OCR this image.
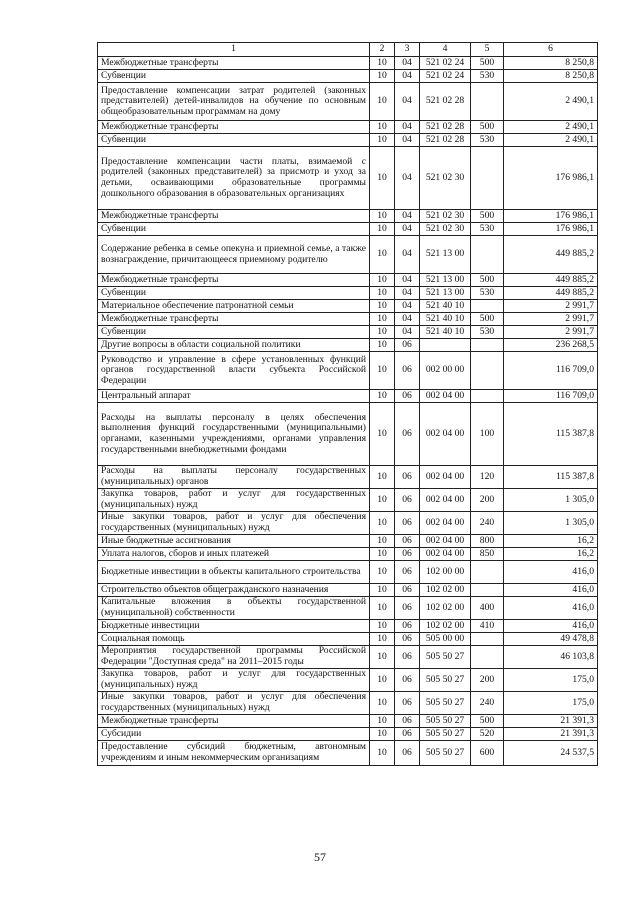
1	2	3	4	5	6
Межбюджетные трансферты	10	04	521 02 24	500	8 250,8
Субвенции	10	04	521 02 24	530	8 250,8
Предоставление компенсации затрат родителей (законных представителей) детей-инвалидов на обучение по основным общеобразовательным программам на дому	10	04	521 02 28		2 490,1
Межбюджетные трансферты	10	04	521 02 28	500	2 490,1
Субвенции	10	04	521 02 28	530	2 490,1
Предоставление компенсации части платы, взимаемой с родителей (законных представителей) за присмотр и уход за детьми, осваивающими образовательные программы дошкольного образования в образовательных организациях	10	04	521 02 30		176 986,1
Межбюджетные трансферты	10	04	521 02 30	500	176 986,1
Субвенции	10	04	521 02 30	530	176 986,1
Содержание ребенка в семье опекуна и приемной семье, а также вознаграждение, причитающееся приемному родителю	10	04	521 13 00		449 885,2
Межбюджетные трансферты	10	04	521 13 00	500	449 885,2
Субвенции	10	04	521 13 00	530	449 885,2
Материальное обеспечение патронатной семьи	10	04	521 40 10		2 991,7
Межбюджетные трансферты	10	04	521 40 10	500	2 991,7
Субвенции	10	04	521 40 10	530	2 991,7
Другие вопросы в области социальной политики	10	06			236 268,5
Руководство и управление в сфере установленных функций органов государственной власти субъекта Российской Федерации	10	06	002 00 00		116 709,0
Центральный аппарат	10	06	002 04 00		116 709,0
Расходы на выплаты персоналу в целях обеспечения выполнения функций государственными (муниципальными) органами, казенными учреждениями, органами управления государственными внебюджетными фондами	10	06	002 04 00	100	115 387,8
Расходы на выплаты персоналу государственных (муниципальных) органов	10	06	002 04 00	120	115 387,8
Закупка товаров, работ и услуг для государственных (муниципальных) нужд	10	06	002 04 00	200	1 305,0
Иные закупки товаров, работ и услуг для обеспечения государственных (муниципальных) нужд	10	06	002 04 00	240	1 305,0
Иные бюджетные ассигнования	10	06	002 04 00	800	16,2
Уплата налогов, сборов и иных платежей	10	06	002 04 00	850	16,2
Бюджетные инвестиции в объекты капитального строительства	10	06	102 00 00		416,0
Строительство объектов общегражданского назначения	10	06	102 02 00		416,0
Капитальные вложения в объекты государственной (муниципальной) собственности	10	06	102 02 00	400	416,0
Бюджетные инвестиции	10	06	102 02 00	410	416,0
Социальная помощь	10	06	505 00 00		49 478,8
Мероприятия государственной программы Российской Федерации "Доступная среда" на 2011–2015 годы	10	06	505 50 27		46 103,8
Закупка товаров, работ и услуг для государственных (муниципальных) нужд	10	06	505 50 27	200	175,0
Иные закупки товаров, работ и услуг для обеспечения государственных (муниципальных) нужд	10	06	505 50 27	240	175,0
Межбюджетные трансферты	10	06	505 50 27	500	21 391,3
Субсидии	10	06	505 50 27	520	21 391,3
Предоставление субсидий бюджетным, автономным учреждениям и иным некоммерческим организациям	10	06	505 50 27	600	24 537,5
57
